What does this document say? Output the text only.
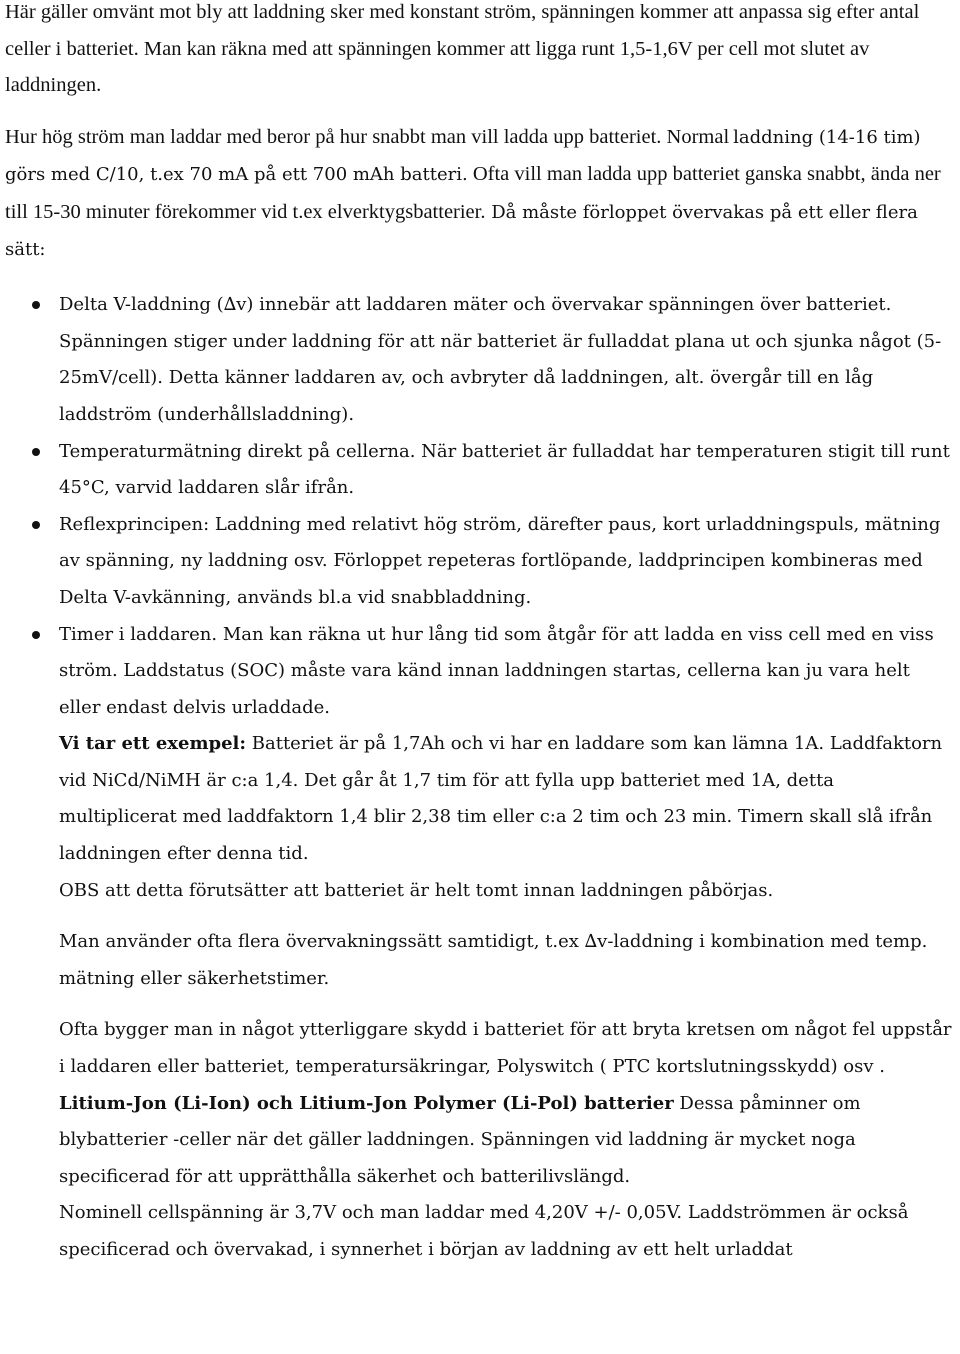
Här gäller omvänt mot bly att laddning sker med konstant ström, spänningen kommer att anpassa sig efter antal celler i batteriet. Man kan räkna med att spänningen kommer att ligga runt 1,5-1,6V per cell mot slutet av laddningen.

Hur hög ström man laddar med beror på hur snabbt man vill ladda upp batteriet. Normal laddning (14-16 tim) görs med C/10, t.ex 70 mA på ett 700 mAh batteri. Ofta vill man ladda upp batteriet ganska snabbt, ända ner till 15-30 minuter förekommer vid t.ex elverktygsbatterier. Då måste förloppet övervakas på ett eller flera sätt:

Delta V-laddning (∆v) innebär att laddaren mäter och övervakar spänningen över batteriet. Spänningen stiger under laddning för att när batteriet är fulladdat plana ut och sjunka något (5-25mV/cell). Detta känner laddaren av, och avbryter då laddningen, alt. övergår till en låg laddström (underhållsladdning).
Temperaturmätning direkt på cellerna. När batteriet är fulladdat har temperaturen stigit till runt 45°C, varvid laddaren slår ifrån.
Reflexprincipen: Laddning med relativt hög ström, därefter paus, kort urladdningspuls, mätning av spänning, ny laddning osv. Förloppet repeteras fortlöpande, laddprincipen kombineras med Delta V-avkänning, används bl.a vid snabbladdning.
Timer i laddaren. Man kan räkna ut hur lång tid som åtgår för att ladda en viss cell med en viss ström. Laddstatus (SOC) måste vara känd innan laddningen startas, cellerna kan ju vara helt eller endast delvis urladdade.

Vi tar ett exempel: Batteriet är på 1,7Ah och vi har en laddare som kan lämna 1A. Laddfaktorn vid NiCd/NiMH är c:a 1,4. Det går åt 1,7 tim för att fylla upp batteriet med 1A, detta multiplicerat med laddfaktorn 1,4 blir 2,38 tim eller c:a 2 tim och 23 min. Timern skall slå ifrån laddningen efter denna tid.

OBS att detta förutsätter att batteriet är helt tomt innan laddningen påbörjas.

Man använder ofta flera övervakningssätt samtidigt, t.ex ∆v-laddning i kombination med temp. mätning eller säkerhetstimer.

Ofta bygger man in något ytterliggare skydd i batteriet för att bryta kretsen om något fel uppstår i laddaren eller batteriet, temperatursäkringar, Polyswitch ( PTC kortslutningsskydd) osv .

Litium-Jon (Li-Ion) och Litium-Jon Polymer (Li-Pol) batterier Dessa påminner om blybatterier -celler när det gäller laddningen. Spänningen vid laddning är mycket noga specificerad för att upprätthålla säkerhet och batterilivslängd.

Nominell cellspänning är 3,7V och man laddar med 4,20V +/- 0,05V. Laddströmmen är också specificerad och övervakad, i synnerhet i början av laddning av ett helt urladdat
